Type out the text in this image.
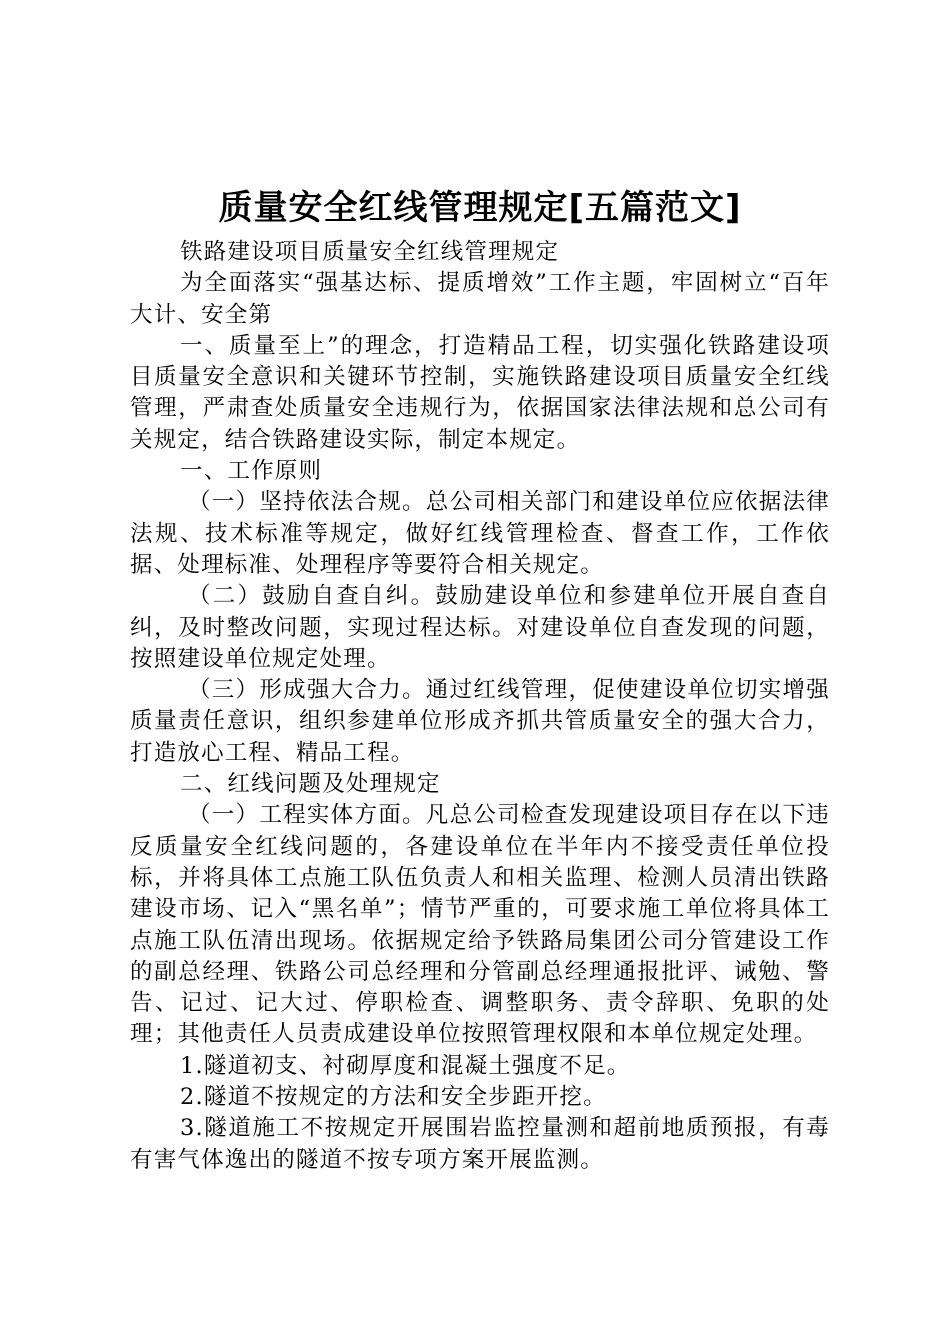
质量安全红线管理规定[五篇范文]

铁路建设项目质量安全红线管理规定

为全面落实“强基达标、提质增效”工作主题，牢固树立“百年大计、安全第

一、质量至上”的理念，打造精品工程，切实强化铁路建设项目质量安全意识和关键环节控制，实施铁路建设项目质量安全红线管理，严肃查处质量安全违规行为，依据国家法律法规和总公司有关规定，结合铁路建设实际，制定本规定。

一、工作原则

（一）坚持依法合规。总公司相关部门和建设单位应依据法律法规、技术标准等规定，做好红线管理检查、督查工作，工作依据、处理标准、处理程序等要符合相关规定。

（二）鼓励自查自纠。鼓励建设单位和参建单位开展自查自纠，及时整改问题，实现过程达标。对建设单位自查发现的问题，按照建设单位规定处理。

（三）形成强大合力。通过红线管理，促使建设单位切实增强质量责任意识，组织参建单位形成齐抓共管质量安全的强大合力，打造放心工程、精品工程。

二、红线问题及处理规定

（一）工程实体方面。凡总公司检查发现建设项目存在以下违反质量安全红线问题的，各建设单位在半年内不接受责任单位投标，并将具体工点施工队伍负责人和相关监理、检测人员清出铁路建设市场、记入“黑名单”；情节严重的，可要求施工单位将具体工点施工队伍清出现场。依据规定给予铁路局集团公司分管建设工作的副总经理、铁路公司总经理和分管副总经理通报批评、诫勉、警告、记过、记大过、停职检查、调整职务、责令辞职、免职的处理；其他责任人员责成建设单位按照管理权限和本单位规定处理。

1.隧道初支、衬砌厚度和混凝土强度不足。

2.隧道不按规定的方法和安全步距开挖。

3.隧道施工不按规定开展围岩监控量测和超前地质预报，有毒有害气体逸出的隧道不按专项方案开展监测。
